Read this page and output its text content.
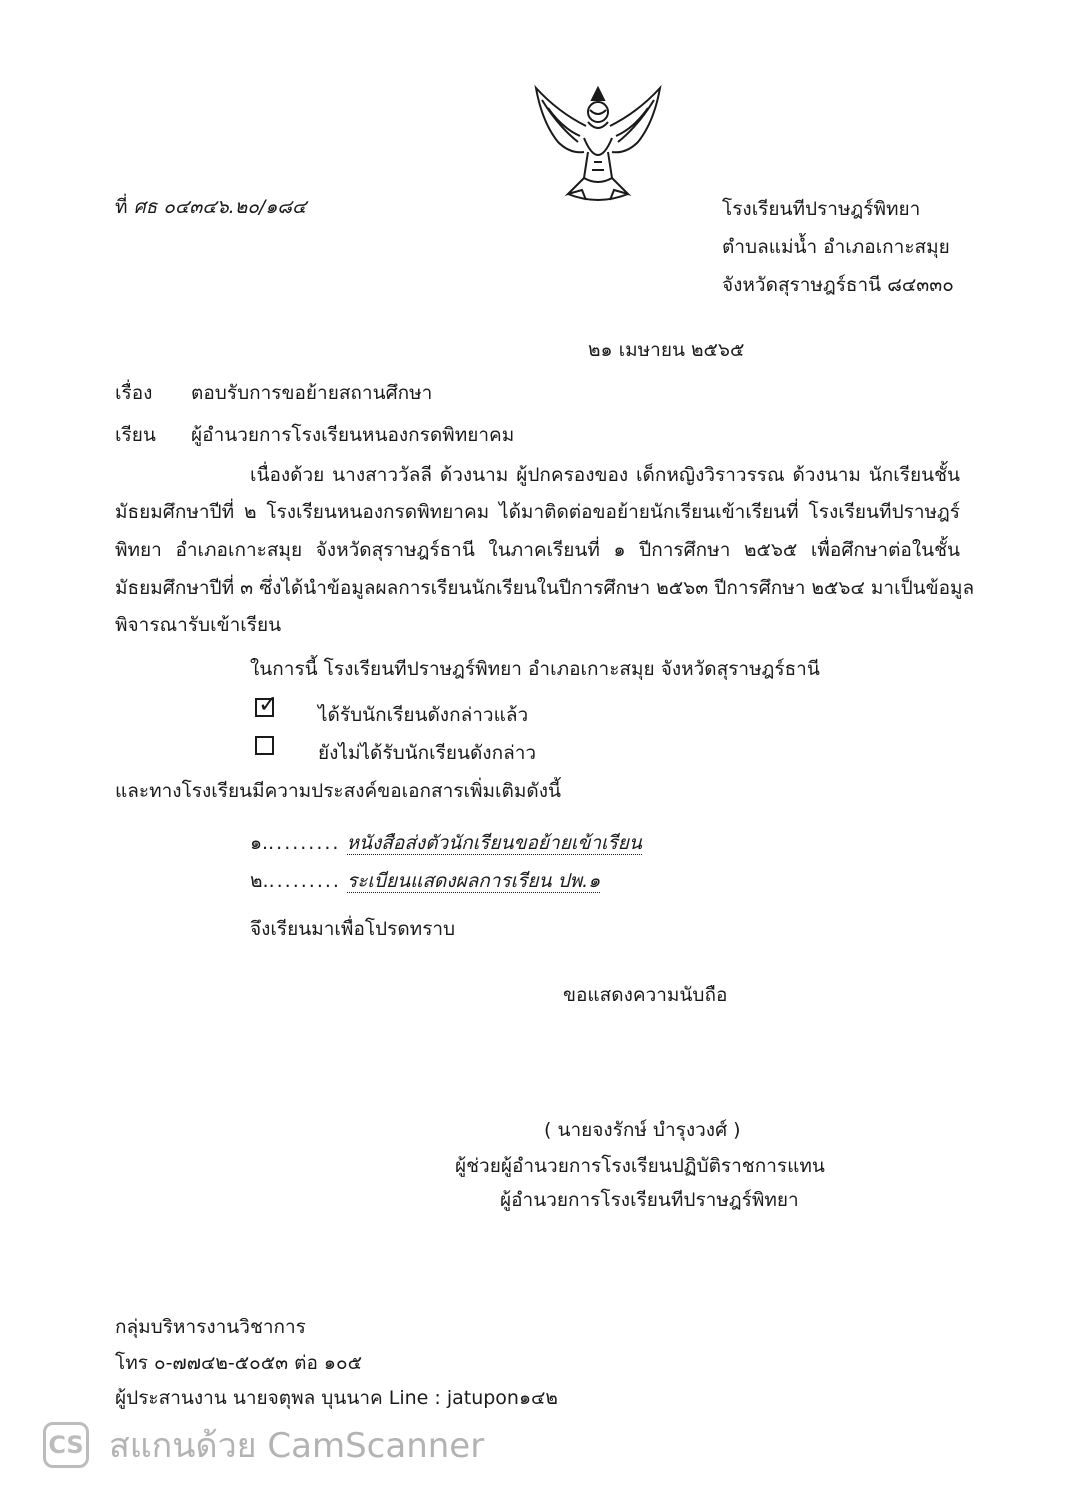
ที่ ศธ ๐๔๓๔๖.๒๐/๑๘๔	โรงเรียนทีปราษฎร์พิทยา
ตำบลแม่น้ำ อำเภอเกาะสมุย
จังหวัดสุราษฎร์ธานี ๘๔๓๓๐
๒๑ เมษายน ๒๕๖๕
เรื่อง ตอบรับการขอย้ายสถานศึกษา
เรียน ผู้อำนวยการโรงเรียนหนองกรดพิทยาคม
เนื่องด้วย นางสาววัลลี ด้วงนาม ผู้ปกครองของ เด็กหญิงวิราวรรณ ด้วงนาม นักเรียนชั้น
มัธยมศึกษาปีที่ ๒ โรงเรียนหนองกรดพิทยาคม ได้มาติดต่อขอย้ายนักเรียนเข้าเรียนที่ โรงเรียนทีปราษฎร์
พิทยา อำเภอเกาะสมุย จังหวัดสุราษฎร์ธานี ในภาคเรียนที่ ๑ ปีการศึกษา ๒๕๖๕ เพื่อศึกษาต่อในชั้น
มัธยมศึกษาปีที่ ๓ ซึ่งได้นำข้อมูลผลการเรียนนักเรียนในปีการศึกษา ๒๕๖๓ ปีการศึกษา ๒๕๖๔ มาเป็นข้อมูล
พิจารณารับเข้าเรียน
ในการนี้ โรงเรียนทีปราษฎร์พิทยา อำเภอเกาะสมุย จังหวัดสุราษฎร์ธานี
✓ ได้รับนักเรียนดังกล่าวแล้ว
ยังไม่ได้รับนักเรียนดังกล่าว
และทางโรงเรียนมีความประสงค์ขอเอกสารเพิ่มเติมดังนี้
๑.......... หนังสือส่งตัวนักเรียนขอย้ายเข้าเรียน
๒.......... ระเบียนแสดงผลการเรียน ปพ.๑
จึงเรียนมาเพื่อโปรดทราบ
ขอแสดงความนับถือ
( นายจงรักษ์ บำรุงวงศ์ )
ผู้ช่วยผู้อำนวยการโรงเรียนปฏิบัติราชการแทน
ผู้อำนวยการโรงเรียนทีปราษฎร์พิทยา
กลุ่มบริหารงานวิชาการ
โทร ๐-๗๗๔๒-๕๐๕๓ ต่อ ๑๐๕
ผู้ประสานงาน นายจตุพล บุนนาค Line : jatupon๑๔๒
CS สแกนด้วย CamScanner
